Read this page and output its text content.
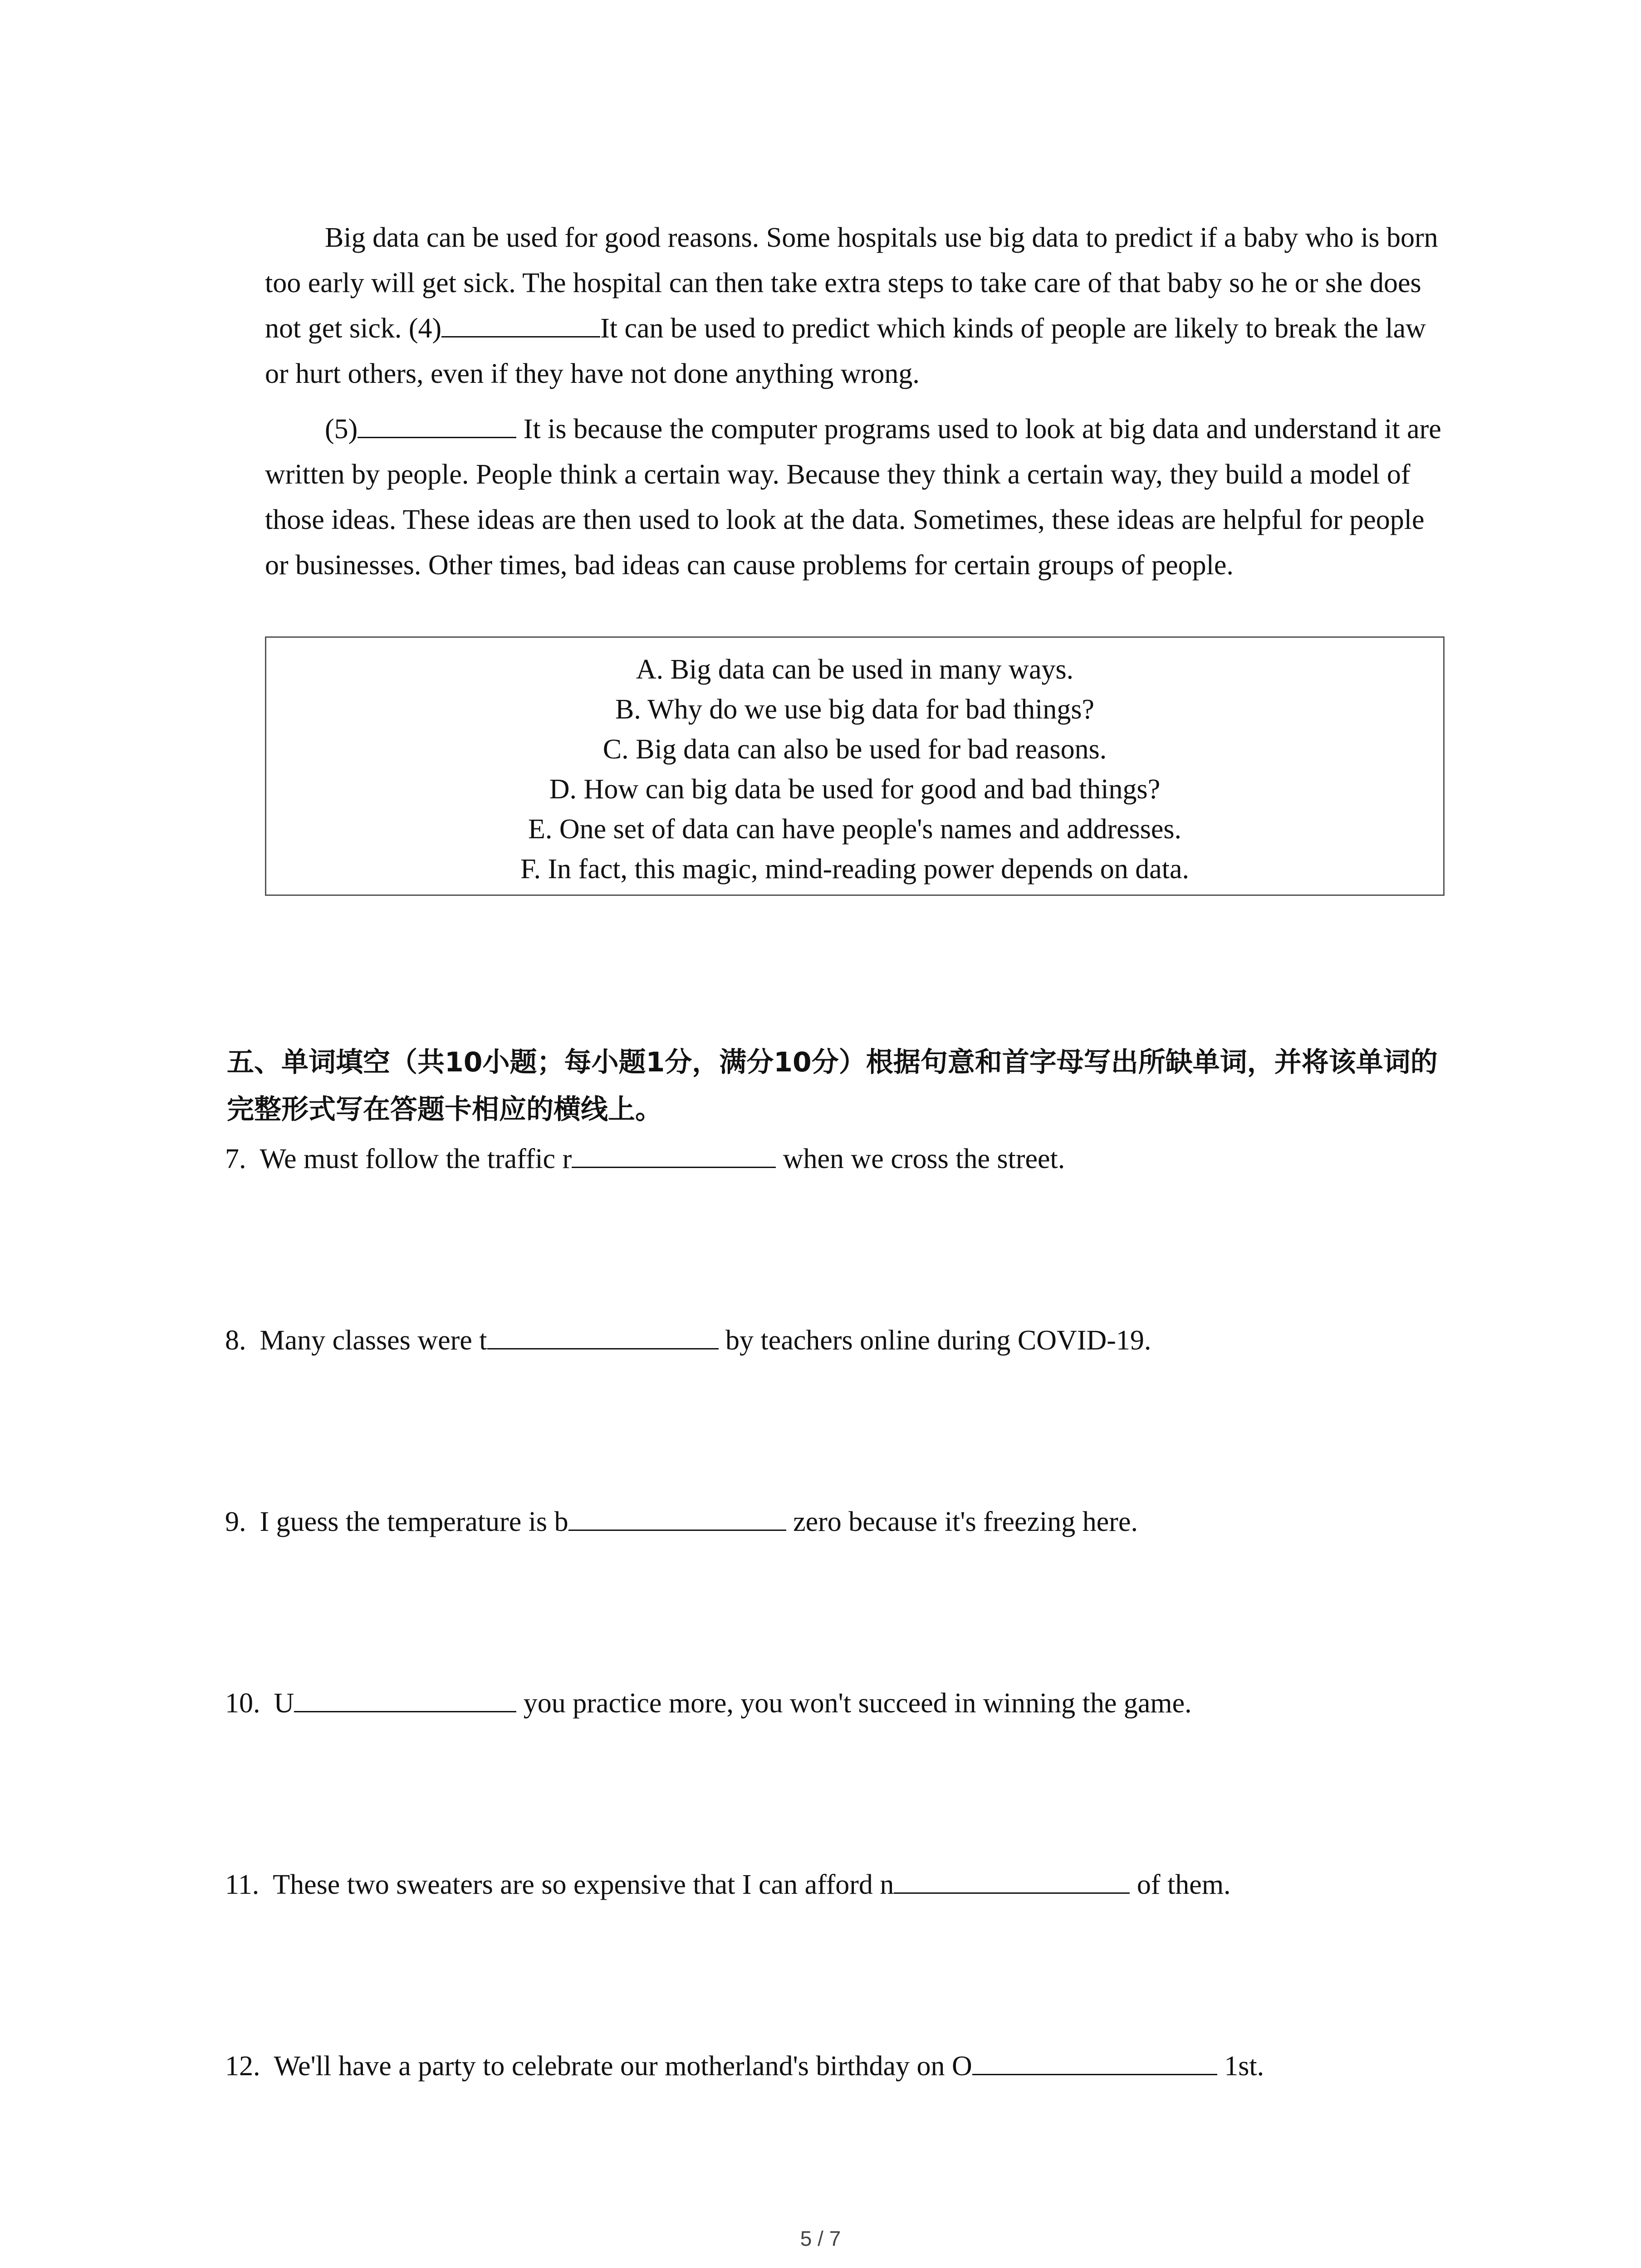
Big data can be used for good reasons. Some hospitals use big data to predict if a baby who is born too early will get sick. The hospital can then take extra steps to take care of that baby so he or she does not get sick. (4)	It can be used to predict which kinds of people are likely to break the law or hurt others, even if they have not done anything wrong.

(5)	It is because the computer programs used to look at big data and understand it are written by people. People think a certain way. Because they think a certain way, they build a model of those ideas. These ideas are then used to look at the data. Sometimes, these ideas are helpful for people or businesses. Other times, bad ideas can cause problems for certain groups of people.

A. Big data can be used in many ways.
B. Why do we use big data for bad things?
C. Big data can also be used for bad reasons.
D. How can big data be used for good and bad things?
E. One set of data can have people's names and addresses.
F. In fact, this magic, mind-reading power depends on data.
五、单词填空（共10小题；每小题1分，满分10分）根据句意和首字母写出所缺单词，并将该单词的完整形式写在答题卡相应的横线上。
7. We must follow the traffic r	when we cross the street.
8. Many classes were t	by teachers online during COVID-19.
9. I guess the temperature is b	zero because it's freezing here.
10. U	you practice more, you won't succeed in winning the game.
11. These two sweaters are so expensive that I can afford n	of them.
12. We'll have a party to celebrate our motherland's birthday on O	1st.
5 / 7
